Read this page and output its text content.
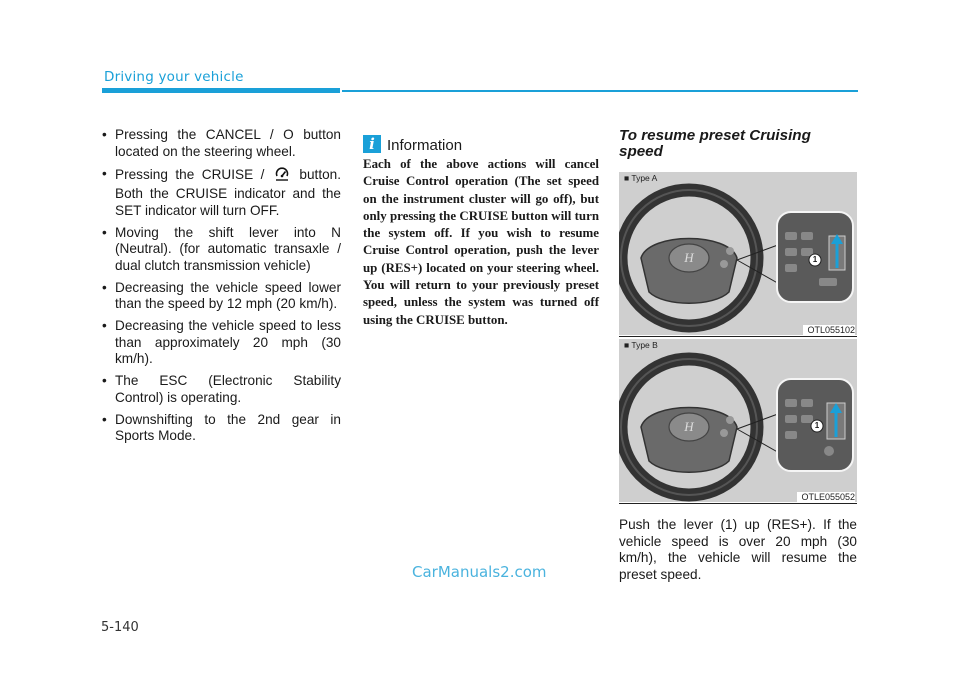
Driving your vehicle
• Pressing the CANCEL / O button located on the steering wheel.
• Pressing the CRUISE /  button. Both the CRUISE indicator and the SET indicator will turn OFF.
• Moving the shift lever into N (Neutral). (for automatic transaxle / dual clutch transmission vehicle)
• Decreasing the vehicle speed lower than the speed by 12 mph (20 km/h).
• Decreasing the vehicle speed to less than approximately 20 mph (30 km/h).
• The ESC (Electronic Stability Control) is operating.
• Downshifting to the 2nd gear in Sports Mode.
i Information

Each of the above actions will cancel Cruise Control operation (The set speed on the instrument cluster will go off), but only pressing the CRUISE button will turn the system off. If you wish to resume Cruise Control operation, push the lever up (RES+) located on your steering wheel. You will return to your previously preset speed, unless the system was turned off using the CRUISE button.

To resume preset Cruising speed
H
■ Type A
1
OTL055102
H
■ Type B
1
OTLE055052

Push the lever (1) up (RES+). If the vehicle speed is over 20 mph (30 km/h), the vehicle will resume the preset speed.

CarManuals2.com
5-140
